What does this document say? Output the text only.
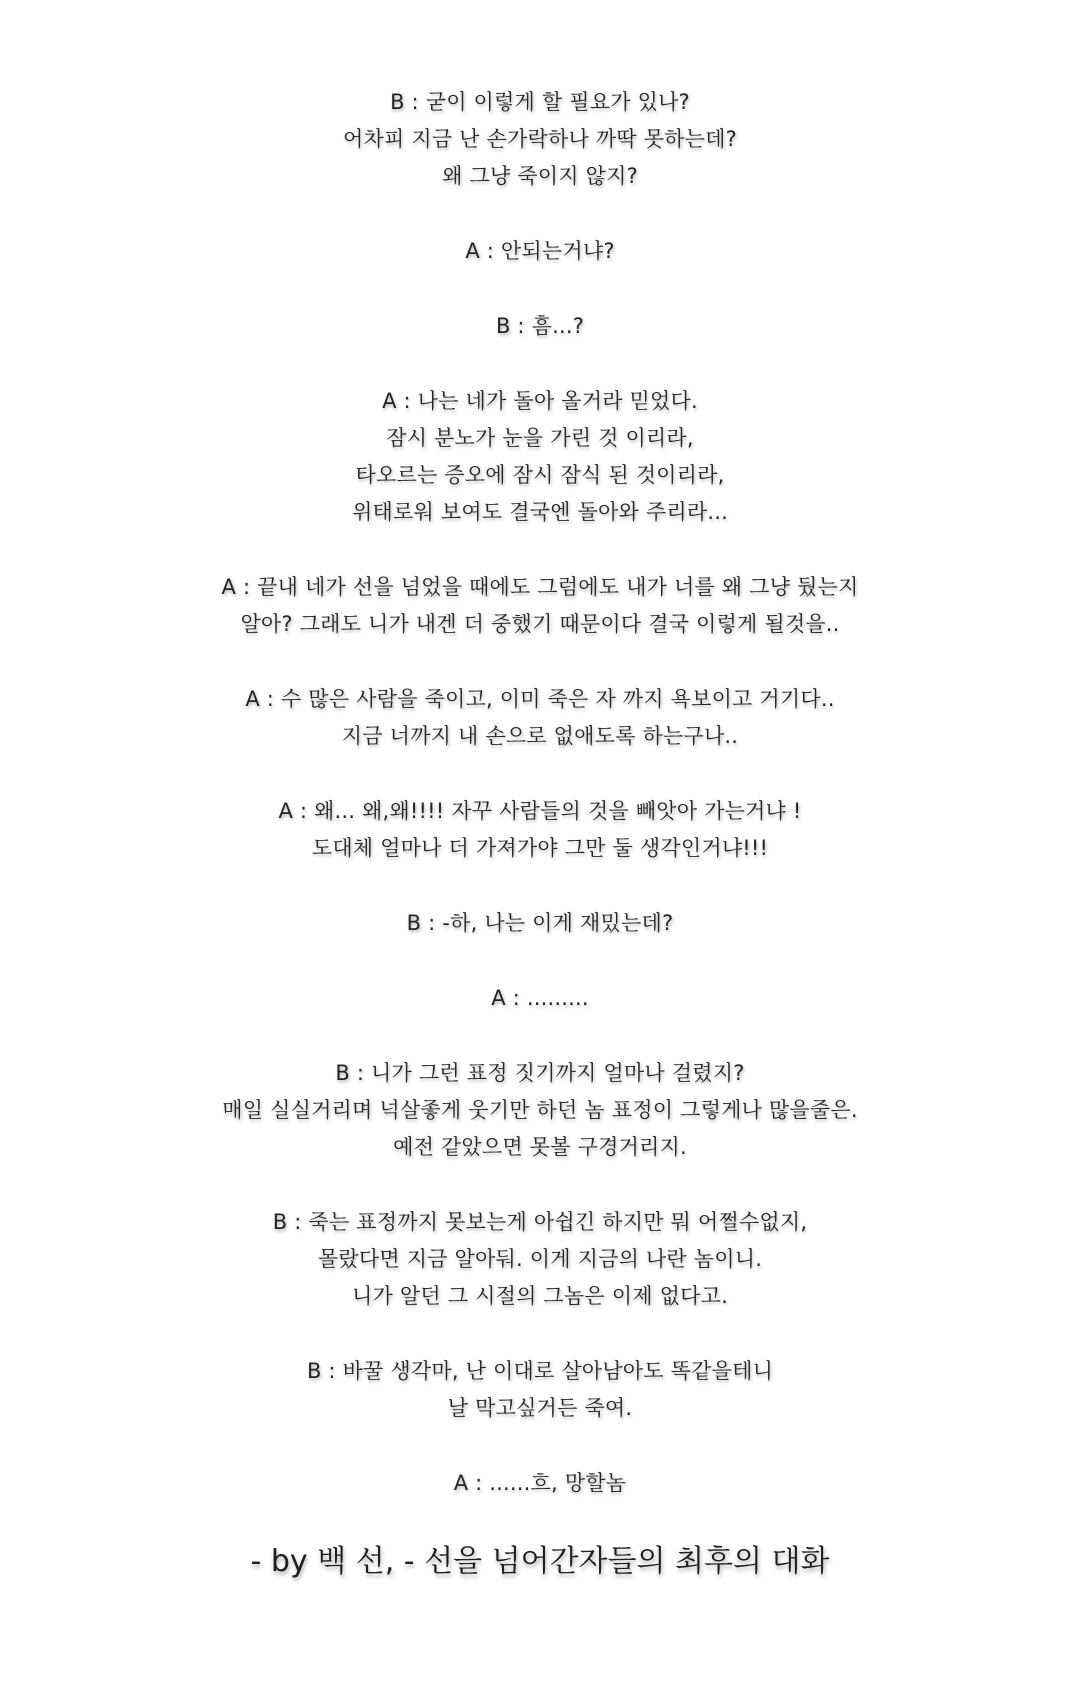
B : 굳이 이렇게 할 필요가 있나?
어차피 지금 난 손가락하나 까딱 못하는데?
왜 그냥 죽이지 않지?
A : 안되는거냐?
B : 흠...?
A : 나는 네가 돌아 올거라 믿었다.
잠시 분노가 눈을 가린 것 이리라,
타오르는 증오에 잠시 잠식 된 것이리라,
위태로워 보여도 결국엔 돌아와 주리라...
A : 끝내 네가 선을 넘었을 때에도 그럼에도 내가 너를 왜 그냥 뒀는지
알아? 그래도 니가 내겐 더 중했기 때문이다 결국 이렇게 될것을..
A : 수 많은 사람을 죽이고, 이미 죽은 자 까지 욕보이고 거기다..
지금 너까지 내 손으로 없애도록 하는구나..
A : 왜... 왜,왜!!!! 자꾸 사람들의 것을 빼앗아 가는거냐 !
도대체 얼마나 더 가져가야 그만 둘 생각인거냐!!!
B : -하, 나는 이게 재밌는데?
A : .........
B : 니가 그런 표정 짓기까지 얼마나 걸렸지?
매일 실실거리며 넉살좋게 웃기만 하던 놈 표정이 그렇게나 많을줄은.
예전 같았으면 못볼 구경거리지.
B : 죽는 표정까지 못보는게 아쉽긴 하지만 뭐 어쩔수없지,
몰랐다면 지금 알아둬. 이게 지금의 나란 놈이니.
니가 알던 그 시절의 그놈은 이제 없다고.
B : 바꿀 생각마, 난 이대로 살아남아도 똑같을테니
날 막고싶거든 죽여.
A : ......흐, 망할놈
- by 백 선, - 선을 넘어간자들의 최후의 대화
